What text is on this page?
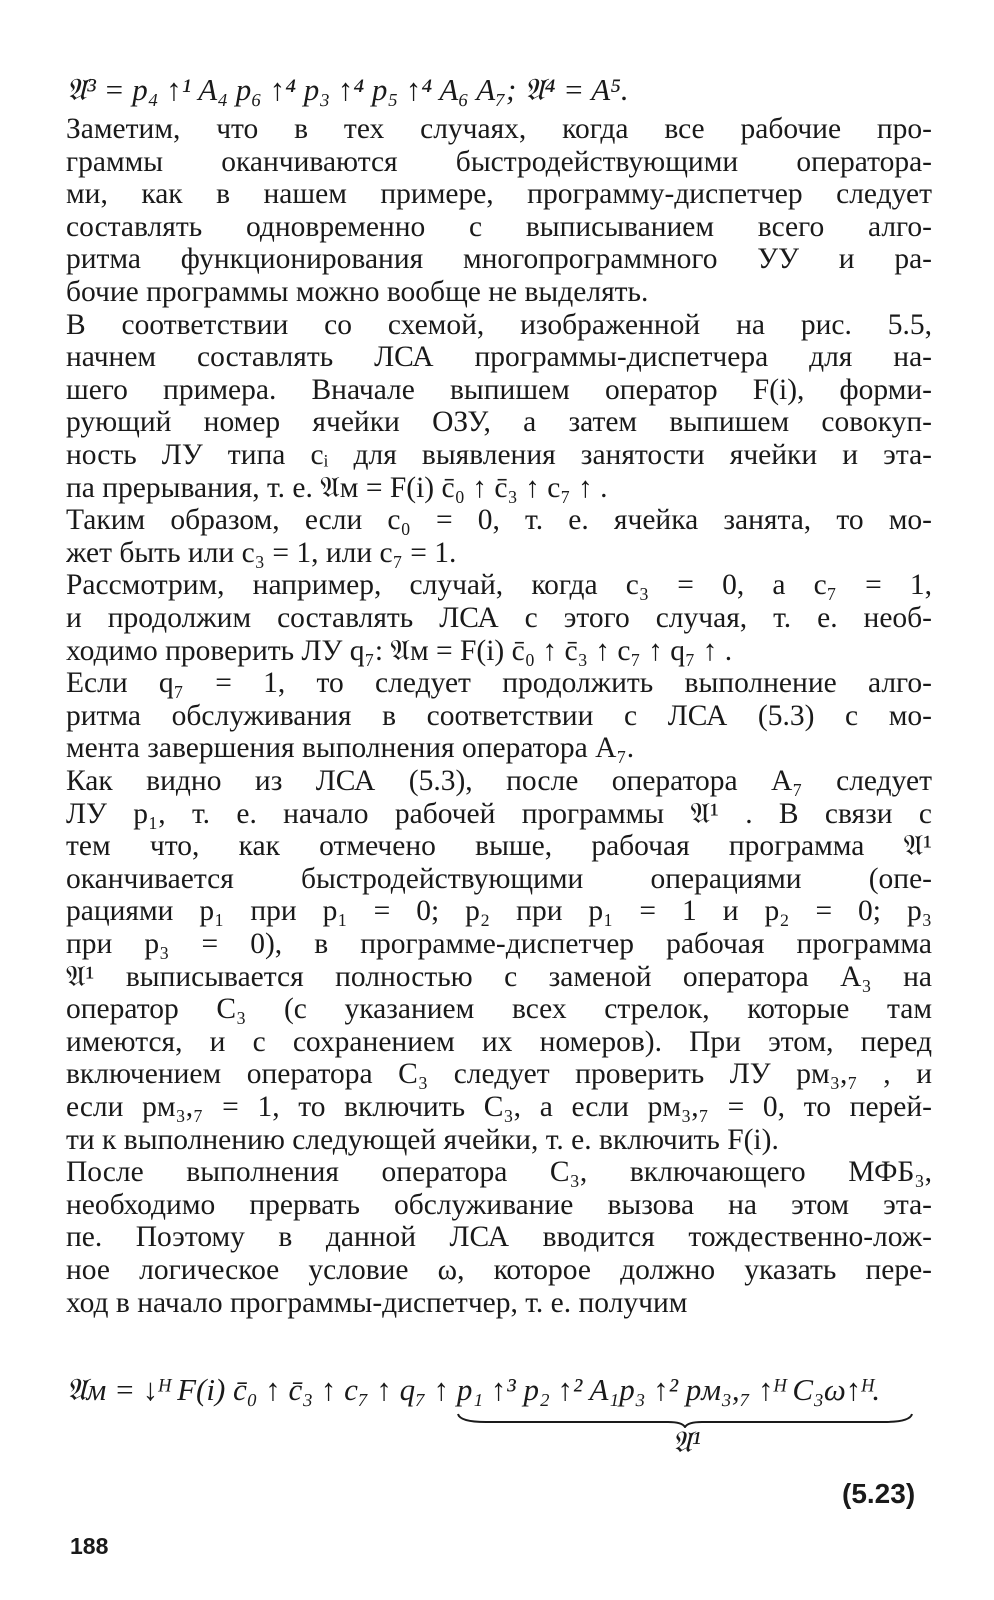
𝔄³ = p₄ ↑¹ A₄ p₆ ↑⁴ p₃ ↑⁴ p₅ ↑⁴ A₆ A₇; 𝔄⁴ = A⁵.
Заметим, что в тех случаях, когда все рабочие про-
граммы оканчиваются быстродействующими оператора-
ми, как в нашем примере, программу-диспетчер следует
составлять одновременно с выписыванием всего алго-
ритма функционирования многопрограммного УУ и ра-
бочие программы можно вообще не выделять.
В соответствии со схемой, изображенной на рис. 5.5,
начнем составлять ЛСА программы-диспетчера для на-
шего примера. Вначале выпишем оператор F(i), форми-
рующий номер ячейки ОЗУ, а затем выпишем совокуп-
ность ЛУ типа cᵢ для выявления занятости ячейки и эта-
па прерывания, т. е. 𝔄м = F(i) c̄₀ ↑ c̄₃ ↑ c₇ ↑ .
Таким образом, если c₀ = 0, т. е. ячейка занята, то мо-
жет быть или c₃ = 1, или c₇ = 1.
Рассмотрим, например, случай, когда c₃ = 0, а c₇ = 1,
и продолжим составлять ЛСА с этого случая, т. е. необ-
ходимо проверить ЛУ q₇: 𝔄м = F(i) c̄₀ ↑ c̄₃ ↑ c₇ ↑ q₇ ↑ .
Если q₇ = 1, то следует продолжить выполнение алго-
ритма обслуживания в соответствии с ЛСА (5.3) с мо-
мента завершения выполнения оператора A₇.
Как видно из ЛСА (5.3), после оператора A₇ следует
ЛУ p₁, т. е. начало рабочей программы 𝔄¹ . В связи с
тем что, как отмечено выше, рабочая программа 𝔄¹
оканчивается быстродействующими операциями (опе-
рациями p₁ при p₁ = 0; p₂ при p₁ = 1 и p₂ = 0; p₃
при p₃ = 0), в программе-диспетчер рабочая программа
𝔄¹ выписывается полностью с заменой оператора A₃ на
оператор C₃ (с указанием всех стрелок, которые там
имеются, и с сохранением их номеров). При этом, перед
включением оператора C₃ следует проверить ЛУ pм₃,₇ , и
если pм₃,₇ = 1, то включить C₃, а если pм₃,₇ = 0, то перей-
ти к выполнению следующей ячейки, т. е. включить F(i).
После выполнения оператора C₃, включающего МФБ₃,
необходимо прервать обслуживание вызова на этом эта-
пе. Поэтому в данной ЛСА вводится тождественно-лож-
ное логическое условие ω, которое должно указать пере-
ход в начало программы-диспетчер, т. е. получим
𝔄м = ↓ᴴ F(i) c̄₀ ↑ c̄₃ ↑ c₇ ↑ q₇ ↑ p₁ ↑³ p₂ ↑² A₁p₃ ↑² pм₃,₇ ↑ᴴ C₃ω↑ᴴ.
𝔄¹
(5.23)
188
